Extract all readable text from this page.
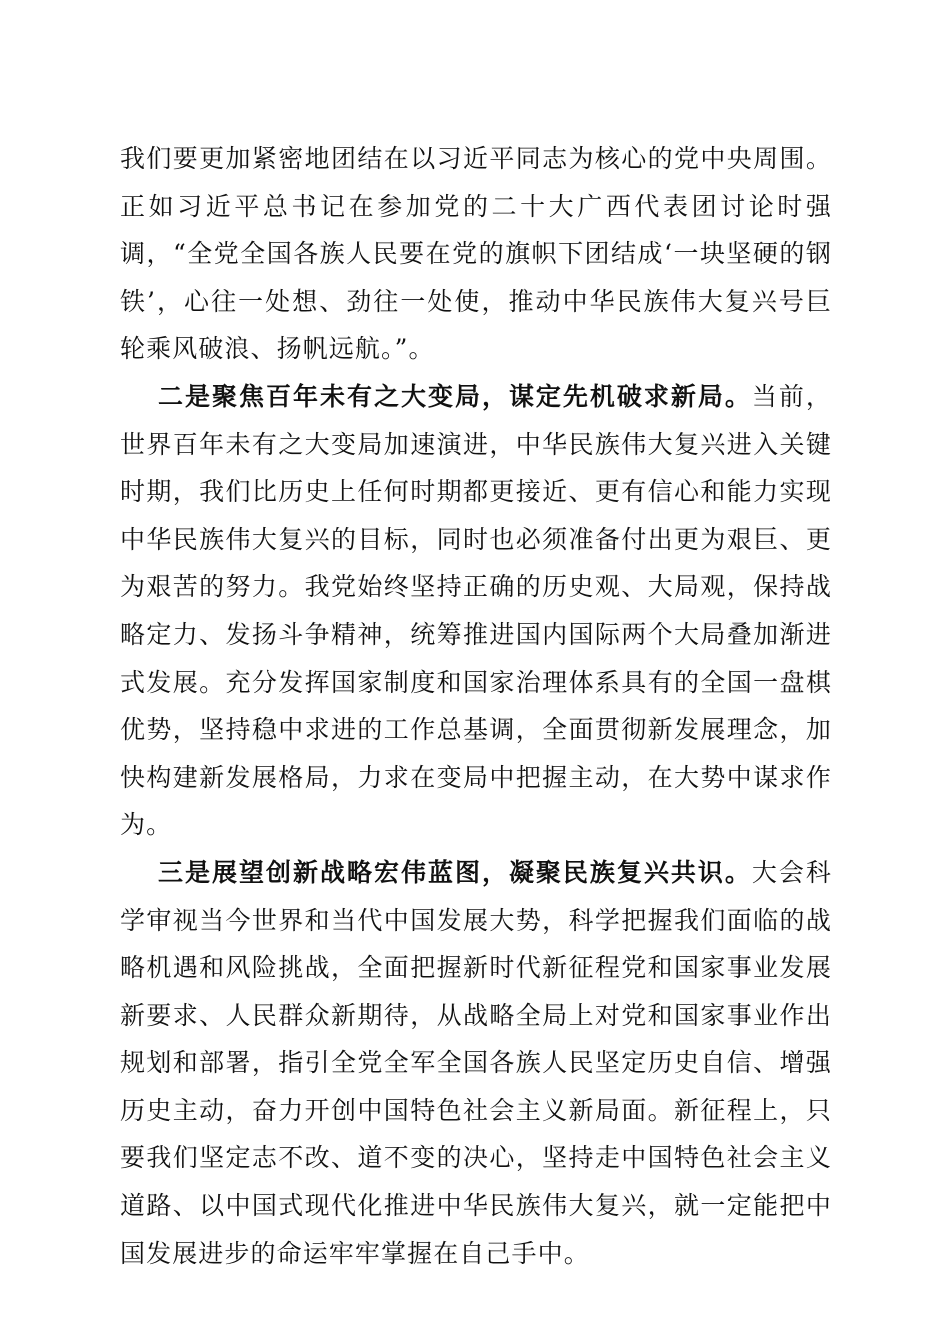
我们要更加紧密地团结在以习近平同志为核心的党中央周围。正如习近平总书记在参加党的二十大广西代表团讨论时强调，“全党全国各族人民要在党的旗帜下团结成‘一块坚硬的钢铁’，心往一处想、劲往一处使，推动中华民族伟大复兴号巨轮乘风破浪、扬帆远航。”。

二是聚焦百年未有之大变局，谋定先机破求新局。当前，世界百年未有之大变局加速演进，中华民族伟大复兴进入关键时期，我们比历史上任何时期都更接近、更有信心和能力实现中华民族伟大复兴的目标，同时也必须准备付出更为艰巨、更为艰苦的努力。我党始终坚持正确的历史观、大局观，保持战略定力、发扬斗争精神，统筹推进国内国际两个大局叠加渐进式发展。充分发挥国家制度和国家治理体系具有的全国一盘棋优势，坚持稳中求进的工作总基调，全面贯彻新发展理念，加快构建新发展格局，力求在变局中把握主动，在大势中谋求作为。

三是展望创新战略宏伟蓝图，凝聚民族复兴共识。大会科学审视当今世界和当代中国发展大势，科学把握我们面临的战略机遇和风险挑战，全面把握新时代新征程党和国家事业发展新要求、人民群众新期待，从战略全局上对党和国家事业作出规划和部署，指引全党全军全国各族人民坚定历史自信、增强历史主动，奋力开创中国特色社会主义新局面。新征程上，只要我们坚定志不改、道不变的决心，坚持走中国特色社会主义道路、以中国式现代化推进中华民族伟大复兴，就一定能把中国发展进步的命运牢牢掌握在自己手中。
